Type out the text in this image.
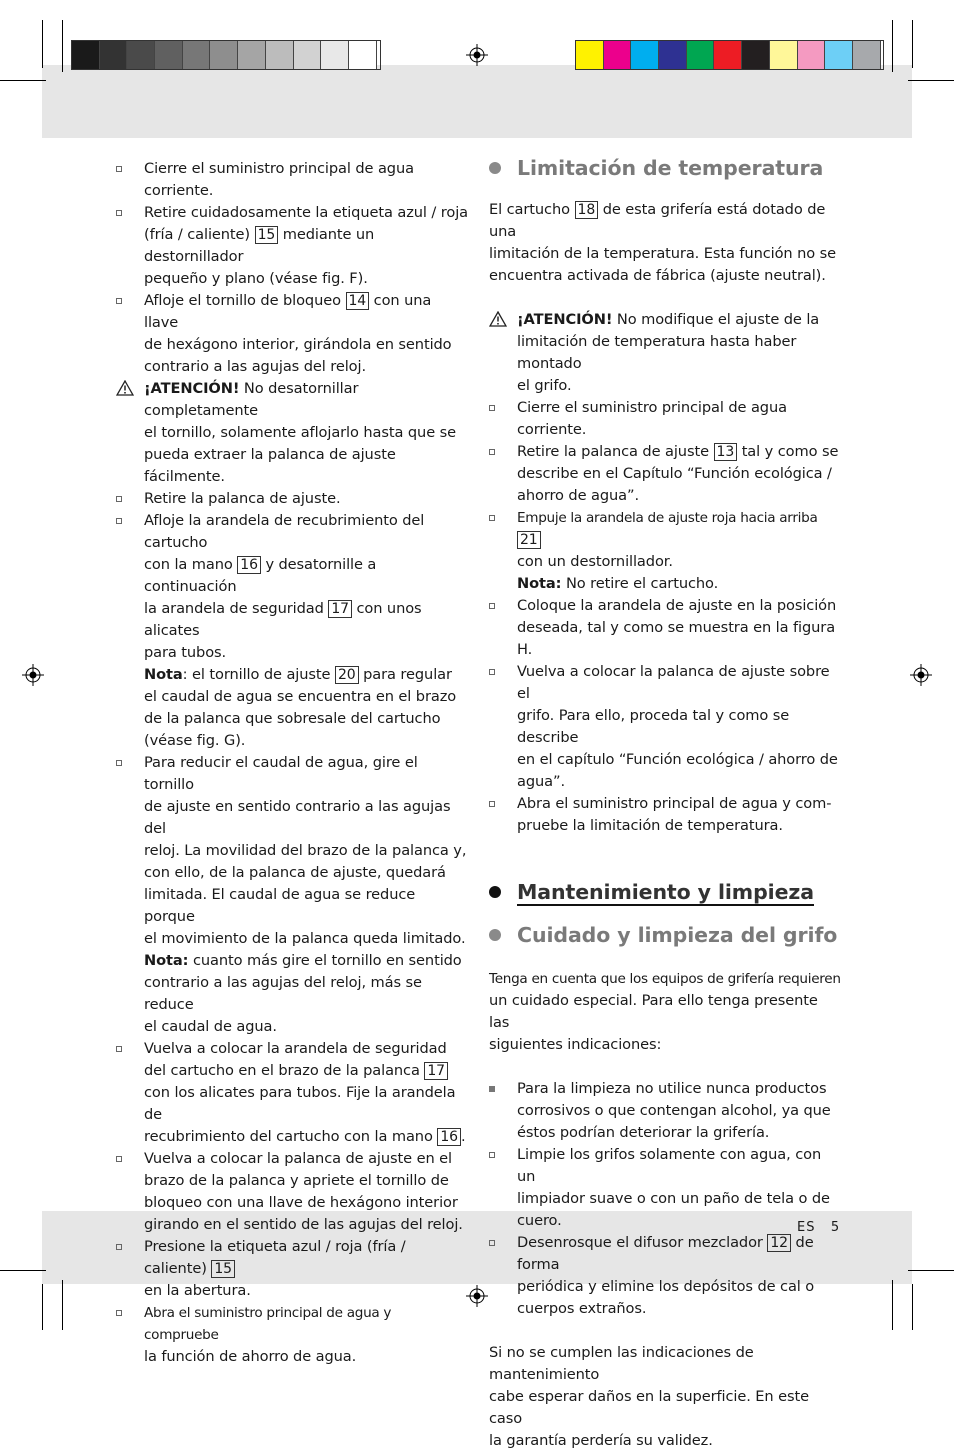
Cierre el suministro principal de agua corriente.
Retire cuidadosamente la etiqueta azul / roja
(fría / caliente) 15 mediante un destornillador
pequeño y plano (véase fig. F).
Afloje el tornillo de bloqueo 14 con una llave
de hexágono interior, girándola en sentido
contrario a las agujas del reloj.
¡ATENCIÓN! No desatornillar completamente
el tornillo, solamente aflojarlo hasta que se
pueda extraer la palanca de ajuste fácilmente.
Retire la palanca de ajuste.
Afloje la arandela de recubrimiento del cartucho
con la mano 16 y desatornille a continuación
la arandela de seguridad 17 con unos alicates
para tubos.
Nota: el tornillo de ajuste 20 para regular
el caudal de agua se encuentra en el brazo
de la palanca que sobresale del cartucho
(véase fig. G).
Para reducir el caudal de agua, gire el tornillo
de ajuste en sentido contrario a las agujas del
reloj. La movilidad del brazo de la palanca y,
con ello, de la palanca de ajuste, quedará
limitada. El caudal de agua se reduce porque
el movimiento de la palanca queda limitado.
Nota: cuanto más gire el tornillo en sentido
contrario a las agujas del reloj, más se reduce
el caudal de agua.
Vuelva a colocar la arandela de seguridad
del cartucho en el brazo de la palanca 17
con los alicates para tubos. Fije la arandela de
recubrimiento del cartucho con la mano 16 .
Vuelva a colocar la palanca de ajuste en el
brazo de la palanca y apriete el tornillo de
bloqueo con una llave de hexágono interior
girando en el sentido de las agujas del reloj.
Presione la etiqueta azul / roja (fría / caliente) 15
en la abertura.
Abra el suministro principal de agua y compruebe
la función de ahorro de agua.
Limitación de temperatura
El cartucho 18 de esta grifería está dotado de una
limitación de la temperatura. Esta función no se
encuentra activada de fábrica (ajuste neutral).
¡ATENCIÓN! No modifique el ajuste de la
limitación de temperatura hasta haber montado
el grifo.
Cierre el suministro principal de agua corriente.
Retire la palanca de ajuste 13 tal y como se
describe en el Capítulo “Función ecológica /
ahorro de agua”.
Empuje la arandela de ajuste roja hacia arriba 21
con un destornillador.
Nota: No retire el cartucho.
Coloque la arandela de ajuste en la posición
deseada, tal y como se muestra en la figura H.
Vuelva a colocar la palanca de ajuste sobre el
grifo. Para ello, proceda tal y como se describe
en el capítulo “Función ecológica / ahorro de
agua”.
Abra el suministro principal de agua y com-
pruebe la limitación de temperatura.
Mantenimiento y limpieza
Cuidado y limpieza del grifo
Tenga en cuenta que los equipos de grifería requieren
un cuidado especial. Para ello tenga presente las
siguientes indicaciones:
Para la limpieza no utilice nunca productos
corrosivos o que contengan alcohol, ya que
éstos podrían deteriorar la grifería.
Limpie los grifos solamente con agua, con un
limpiador suave o con un paño de tela o de
cuero.
Desenrosque el difusor mezclador 12 de forma
periódica y elimine los depósitos de cal o
cuerpos extraños.
Si no se cumplen las indicaciones de mantenimiento
cabe esperar daños en la superficie. En este caso
la garantía perdería su validez.
ES 5
